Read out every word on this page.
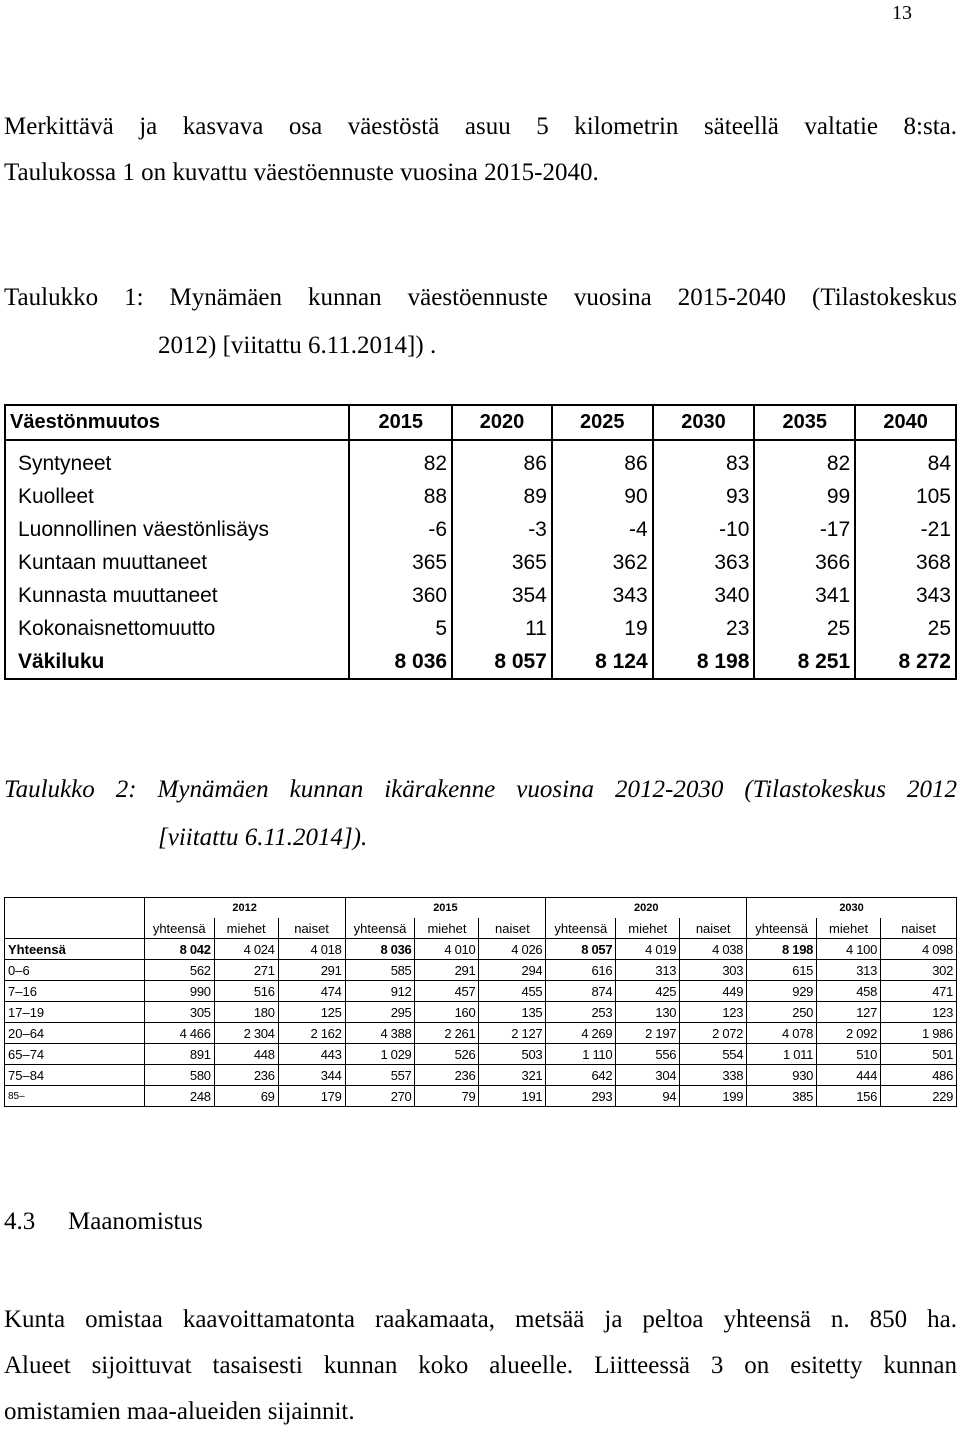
13
Merkittävä ja kasvava osa väestöstä asuu 5 kilometrin säteellä valtatie 8:sta.
Taulukossa 1 on kuvattu väestöennuste vuosina 2015-2040.
Taulukko 1: Mynämäen kunnan väestöennuste vuosina 2015-2040 (Tilastokeskus
2012) [viitattu 6.11.2014]) .
Väestönmuutos	2015	2020	2025	2030	2035	2040
Syntyneet	82	86	86	83	82	84
Kuolleet	88	89	90	93	99	105
Luonnollinen väestönlisäys	-6	-3	-4	-10	-17	-21
Kuntaan muuttaneet	365	365	362	363	366	368
Kunnasta muuttaneet	360	354	343	340	341	343
Kokonaisnettomuutto	5	11	19	23	25	25
Väkiluku	8 036	8 057	8 124	8 198	8 251	8 272
Taulukko 2: Mynämäen kunnan ikärakenne vuosina 2012-2030 (Tilastokeskus 2012
[viitattu 6.11.2014]).
	2012			2015			2020			2030		
	yhteensä	miehet	naiset	yhteensä	miehet	naiset	yhteensä	miehet	naiset	yhteensä	miehet	naiset
Yhteensä	8 042	4 024	4 018	8 036	4 010	4 026	8 057	4 019	4 038	8 198	4 100	4 098
0–6	562	271	291	585	291	294	616	313	303	615	313	302
7–16	990	516	474	912	457	455	874	425	449	929	458	471
17–19	305	180	125	295	160	135	253	130	123	250	127	123
20–64	4 466	2 304	2 162	4 388	2 261	2 127	4 269	2 197	2 072	4 078	2 092	1 986
65–74	891	448	443	1 029	526	503	1 110	556	554	1 011	510	501
75–84	580	236	344	557	236	321	642	304	338	930	444	486
85–	248	69	179	270	79	191	293	94	199	385	156	229
4.3 Maanomistus
Kunta omistaa kaavoittamatonta raakamaata, metsää ja peltoa yhteensä n. 850 ha.
Alueet sijoittuvat tasaisesti kunnan koko alueelle. Liitteessä 3 on esitetty kunnan
omistamien maa-alueiden sijainnit.
